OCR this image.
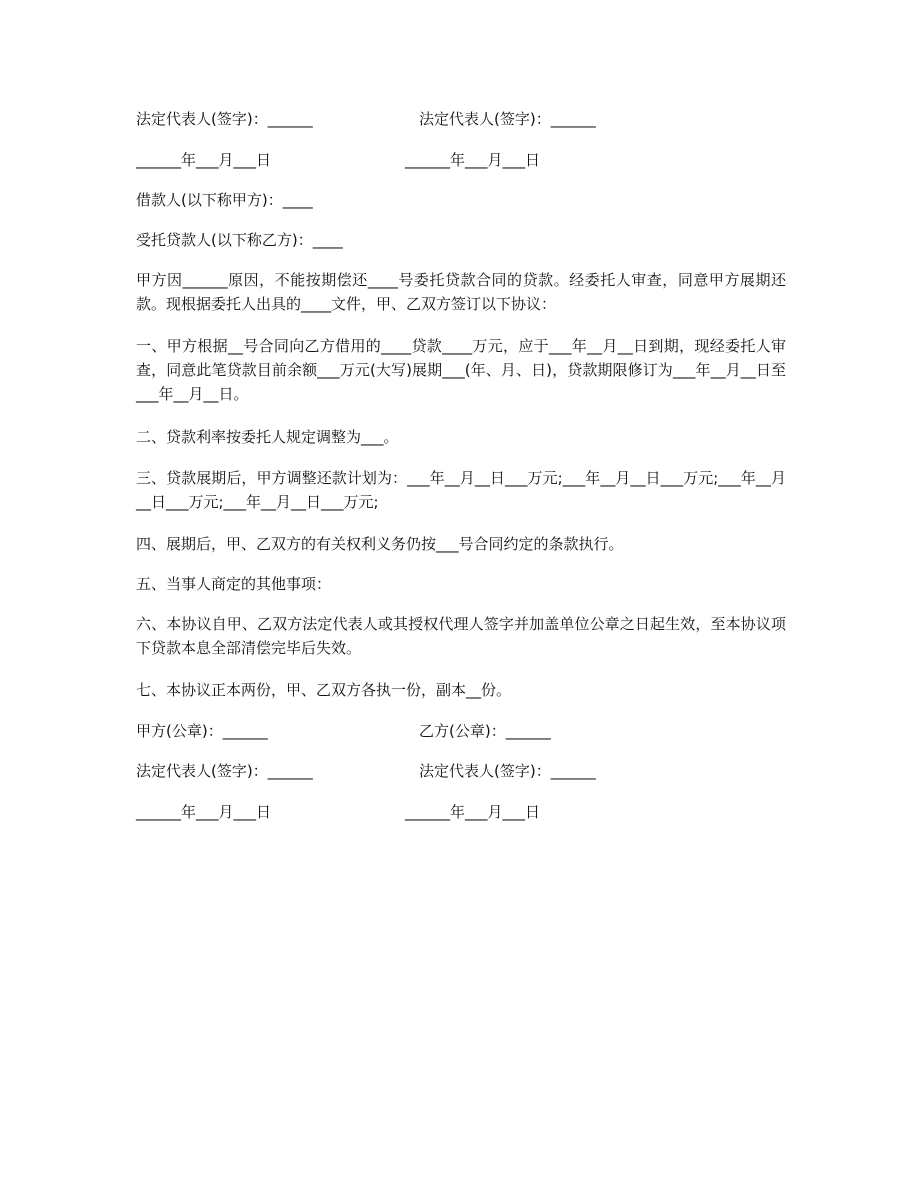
法定代表人(签字)：______	法定代表人(签字)：______
______年___月___日	______年___月___日
借款人(以下称甲方)：____
受托贷款人(以下称乙方)：____
甲方因______原因，不能按期偿还____号委托贷款合同的贷款。经委托人审查，同意甲方展期还款。现根据委托人出具的____文件，甲、乙双方签订以下协议：
一、甲方根据__号合同向乙方借用的____贷款____万元，应于___年__月__日到期，现经委托人审查，同意此笔贷款目前余额___万元(大写)展期___(年、月、日)，贷款期限修订为___年__月__日至___年__月__日。
二、贷款利率按委托人规定调整为___。
三、贷款展期后，甲方调整还款计划为：___年__月__日___万元;___年__月__日___万元;___年__月__日___万元;___年__月__日___万元;
四、展期后，甲、乙双方的有关权利义务仍按___号合同约定的条款执行。
五、当事人商定的其他事项：
六、本协议自甲、乙双方法定代表人或其授权代理人签字并加盖单位公章之日起生效，至本协议项下贷款本息全部清偿完毕后失效。
七、本协议正本两份，甲、乙双方各执一份，副本__份。
甲方(公章)：______	乙方(公章)：______
法定代表人(签字)：______	法定代表人(签字)：______
______年___月___日	______年___月___日
